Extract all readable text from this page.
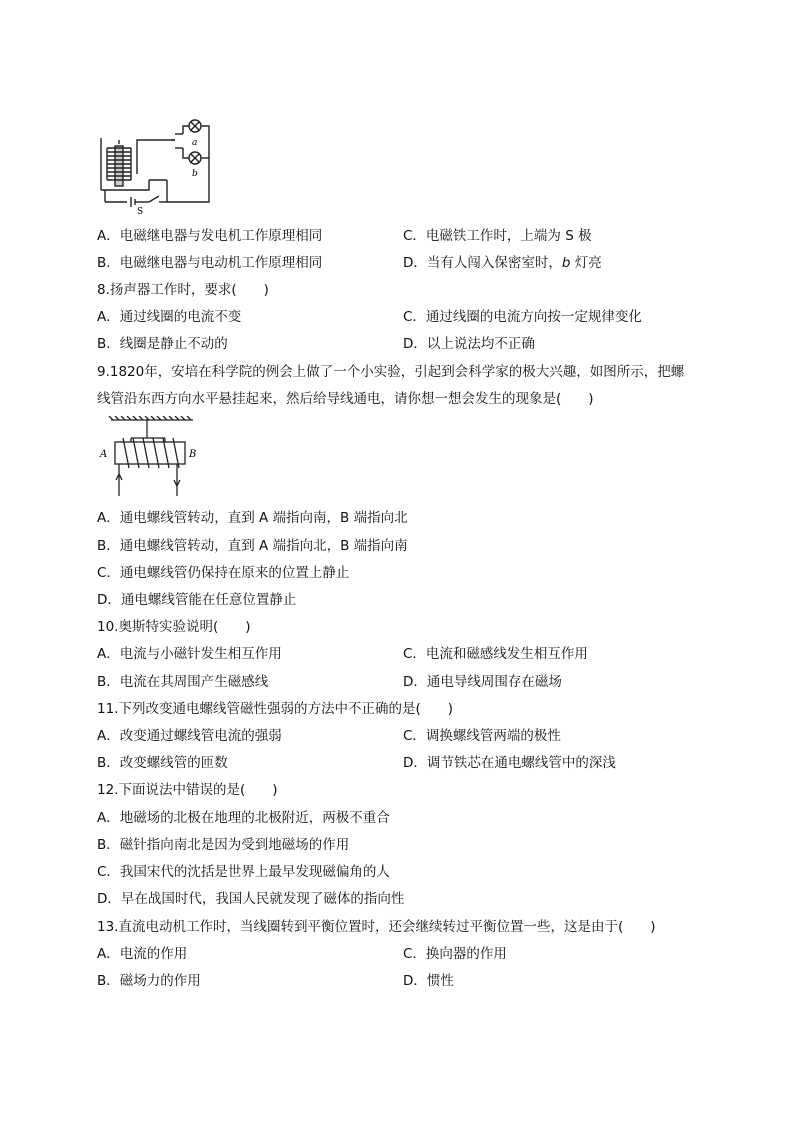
a
b
S
A．电磁继电器与发电机工作原理相同	C．电磁铁工作时，上端为 S 极
B．电磁继电器与电动机工作原理相同	D．当有人闯入保密室时，b 灯亮
8.扬声器工作时，要求(　　)
A．通过线圈的电流不变	C．通过线圈的电流方向按一定规律变化
B．线圈是静止不动的	D．以上说法均不正确
9.1820年，安培在科学院的例会上做了一个小实验，引起到会科学家的极大兴趣，如图所示，把螺
线管沿东西方向水平悬挂起来，然后给导线通电，请你想一想会发生的现象是(　　)
A	B
A．通电螺线管转动，直到 A 端指向南，B 端指向北
B．通电螺线管转动，直到 A 端指向北，B 端指向南
C．通电螺线管仍保持在原来的位置上静止
D．通电螺线管能在任意位置静止
10.奥斯特实验说明(　　)
A．电流与小磁针发生相互作用	C．电流和磁感线发生相互作用
B．电流在其周围产生磁感线	D．通电导线周围存在磁场
11.下列改变通电螺线管磁性强弱的方法中不正确的是(　　)
A．改变通过螺线管电流的强弱	C．调换螺线管两端的极性
B．改变螺线管的匝数	D．调节铁芯在通电螺线管中的深浅
12.下面说法中错误的是(　　)
A．地磁场的北极在地理的北极附近，两极不重合
B．磁针指向南北是因为受到地磁场的作用
C．我国宋代的沈括是世界上最早发现磁偏角的人
D．早在战国时代，我国人民就发现了磁体的指向性
13.直流电动机工作时，当线圈转到平衡位置时，还会继续转过平衡位置一些，这是由于(　　)
A．电流的作用	C．换向器的作用
B．磁场力的作用	D．惯性
